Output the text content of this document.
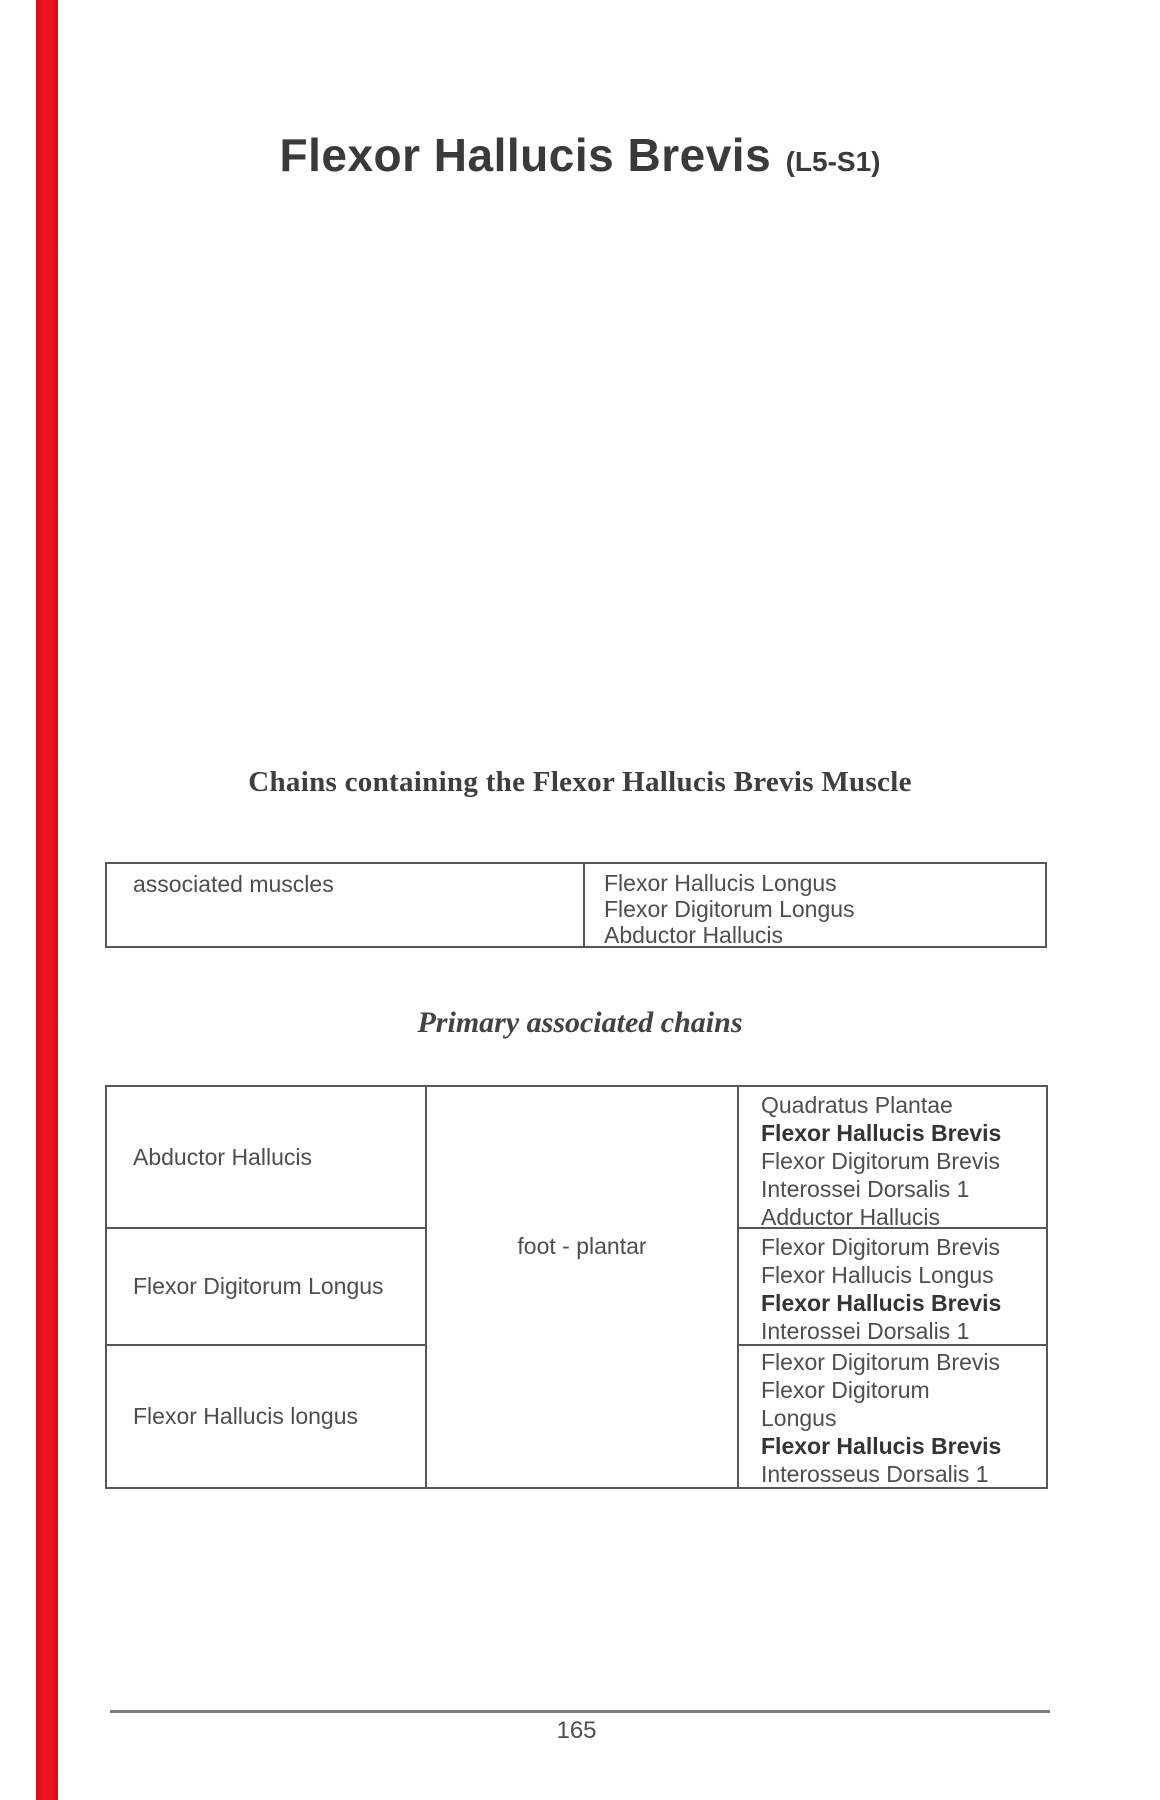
Flexor Hallucis Brevis (L5-S1)
Chains containing the Flexor Hallucis Brevis Muscle
associated muscles	Flexor Hallucis Longus
Flexor Digitorum Longus
Abductor Hallucis
Primary associated chains
Abductor Hallucis
Flexor Digitorum Longus
Flexor Hallucis longus
foot - plantar
Quadratus Plantae
Flexor Hallucis Brevis
Flexor Digitorum Brevis
Interossei Dorsalis 1
Adductor Hallucis
Flexor Digitorum Brevis
Flexor Hallucis Longus
Flexor Hallucis Brevis
Interossei Dorsalis 1
Flexor Digitorum Brevis
Flexor Digitorum
Longus
Flexor Hallucis Brevis
Interosseus Dorsalis 1
165
